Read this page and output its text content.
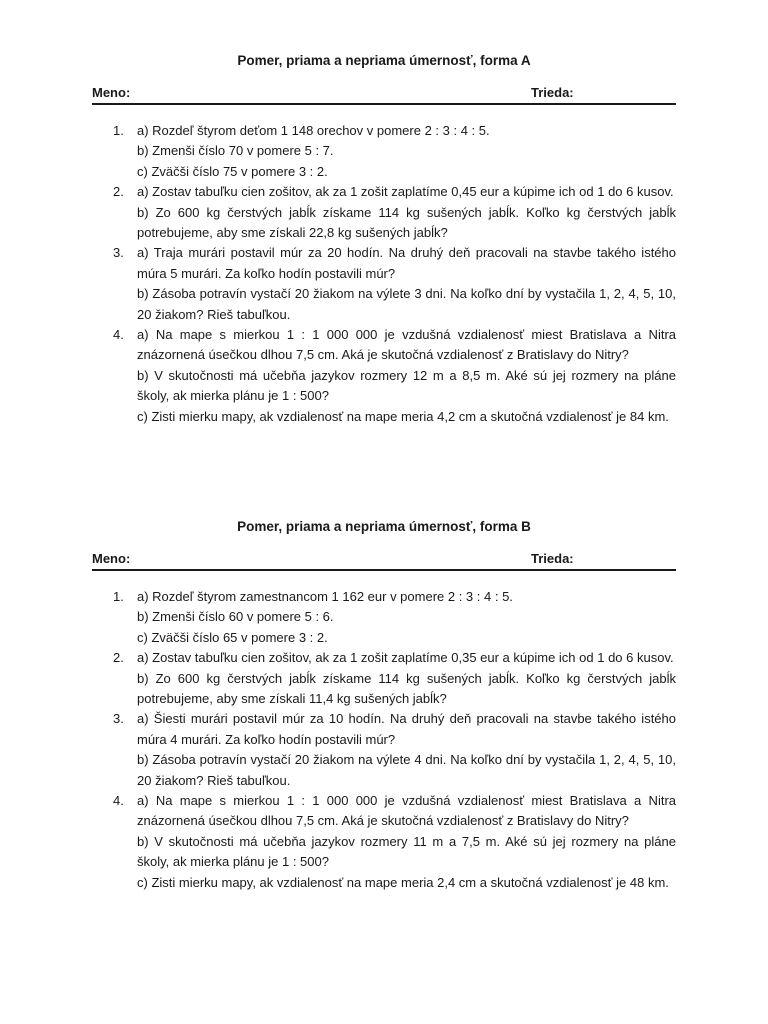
Pomer, priama a nepriama úmernosť, forma A
Meno:	Trieda:
1. a) Rozdeľ štyrom deťom 1 148 orechov v pomere 2 : 3 : 4 : 5.
b) Zmenši číslo 70 v pomere 5 : 7.
c) Zväčši číslo 75 v pomere 3 : 2.
2. a) Zostav tabuľku cien zošitov, ak za 1 zošit zaplatíme 0,45 eur a kúpime ich od 1 do 6 kusov.
b) Zo 600 kg čerstvých jabĺk získame 114 kg sušených jabĺk. Koľko kg čerstvých jabĺk potrebujeme, aby sme získali 22,8 kg sušených jabĺk?
3. a) Traja murári postavil múr za 20 hodín. Na druhý deň pracovali na stavbe takého istého múra 5 murári. Za koľko hodín postavili múr?
b) Zásoba potravín vystačí 20 žiakom na výlete 3 dni. Na koľko dní by vystačila 1, 2, 4, 5, 10, 20 žiakom? Rieš tabuľkou.
4. a) Na mape s mierkou 1 : 1 000 000 je vzdušná vzdialenosť miest Bratislava a Nitra znázornená úsečkou dlhou 7,5 cm. Aká je skutočná vzdialenosť z Bratislavy do Nitry?
b) V skutočnosti má učebňa jazykov rozmery 12 m a 8,5 m. Aké sú jej rozmery na pláne školy, ak mierka plánu je 1 : 500?
c) Zisti mierku mapy, ak vzdialenosť na mape meria 4,2 cm a skutočná vzdialenosť je 84 km.
Pomer, priama a nepriama úmernosť, forma B
Meno:	Trieda:
1. a) Rozdeľ štyrom zamestnancom 1 162 eur v pomere 2 : 3 : 4 : 5.
b) Zmenši číslo 60 v pomere 5 : 6.
c) Zväčši číslo 65 v pomere 3 : 2.
2. a) Zostav tabuľku cien zošitov, ak za 1 zošit zaplatíme 0,35 eur a kúpime ich od 1 do 6 kusov.
b) Zo 600 kg čerstvých jabĺk získame 114 kg sušených jabĺk. Koľko kg čerstvých jabĺk potrebujeme, aby sme získali 11,4 kg sušených jabĺk?
3. a) Šiesti murári postavil múr za 10 hodín. Na druhý deň pracovali na stavbe takého istého múra 4 murári. Za koľko hodín postavili múr?
b) Zásoba potravín vystačí 20 žiakom na výlete 4 dni. Na koľko dní by vystačila 1, 2, 4, 5, 10, 20 žiakom? Rieš tabuľkou.
4. a) Na mape s mierkou 1 : 1 000 000 je vzdušná vzdialenosť miest Bratislava a Nitra znázornená úsečkou dlhou 7,5 cm. Aká je skutočná vzdialenosť z Bratislavy do Nitry?
b) V skutočnosti má učebňa jazykov rozmery 11 m a 7,5 m. Aké sú jej rozmery na pláne školy, ak mierka plánu je 1 : 500?
c) Zisti mierku mapy, ak vzdialenosť na mape meria 2,4 cm a skutočná vzdialenosť je 48 km.
